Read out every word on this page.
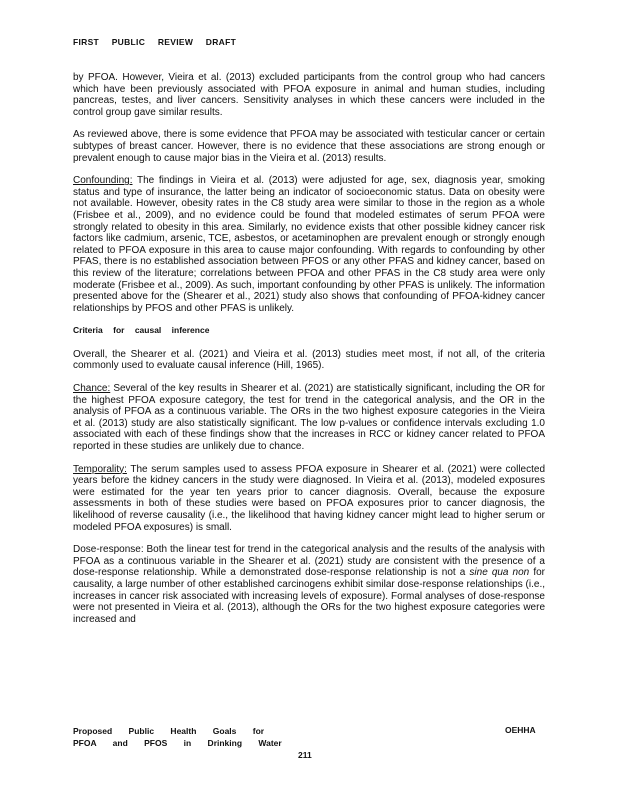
FIRST PUBLIC REVIEW DRAFT

by PFOA. However, Vieira et al. (2013) excluded participants from the control group who had cancers which have been previously associated with PFOA exposure in animal and human studies, including pancreas, testes, and liver cancers. Sensitivity analyses in which these cancers were included in the control group gave similar results.

As reviewed above, there is some evidence that PFOA may be associated with testicular cancer or certain subtypes of breast cancer. However, there is no evidence that these associations are strong enough or prevalent enough to cause major bias in the Vieira et al. (2013) results.

Confounding: The findings in Vieira et al. (2013) were adjusted for age, sex, diagnosis year, smoking status and type of insurance, the latter being an indicator of socioeconomic status. Data on obesity were not available. However, obesity rates in the C8 study area were similar to those in the region as a whole (Frisbee et al., 2009), and no evidence could be found that modeled estimates of serum PFOA were strongly related to obesity in this area. Similarly, no evidence exists that other possible kidney cancer risk factors like cadmium, arsenic, TCE, asbestos, or acetaminophen are prevalent enough or strongly enough related to PFOA exposure in this area to cause major confounding. With regards to confounding by other PFAS, there is no established association between PFOS or any other PFAS and kidney cancer, based on this review of the literature; correlations between PFOA and other PFAS in the C8 study area were only moderate (Frisbee et al., 2009). As such, important confounding by other PFAS is unlikely. The information presented above for the (Shearer et al., 2021) study also shows that confounding of PFOA-kidney cancer relationships by PFOS and other PFAS is unlikely.

Criteria for causal inference

Overall, the Shearer et al. (2021) and Vieira et al. (2013) studies meet most, if not all, of the criteria commonly used to evaluate causal inference (Hill, 1965).

Chance: Several of the key results in Shearer et al. (2021) are statistically significant, including the OR for the highest PFOA exposure category, the test for trend in the categorical analysis, and the OR in the analysis of PFOA as a continuous variable. The ORs in the two highest exposure categories in the Vieira et al. (2013) study are also statistically significant. The low p-values or confidence intervals excluding 1.0 associated with each of these findings show that the increases in RCC or kidney cancer related to PFOA reported in these studies are unlikely due to chance.

Temporality: The serum samples used to assess PFOA exposure in Shearer et al. (2021) were collected years before the kidney cancers in the study were diagnosed. In Vieira et al. (2013), modeled exposures were estimated for the year ten years prior to cancer diagnosis. Overall, because the exposure assessments in both of these studies were based on PFOA exposures prior to cancer diagnosis, the likelihood of reverse causality (i.e., the likelihood that having kidney cancer might lead to higher serum or modeled PFOA exposures) is small.

Dose-response: Both the linear test for trend in the categorical analysis and the results of the analysis with PFOA as a continuous variable in the Shearer et al. (2021) study are consistent with the presence of a dose-response relationship. While a demonstrated dose-response relationship is not a sine qua non for causality, a large number of other established carcinogens exhibit similar dose-response relationships (i.e., increases in cancer risk associated with increasing levels of exposure). Formal analyses of dose-response were not presented in Vieira et al. (2013), although the ORs for the two highest exposure categories were increased and

Proposed Public Health Goals for
PFOA and PFOS in Drinking Water
OEHHA
211
